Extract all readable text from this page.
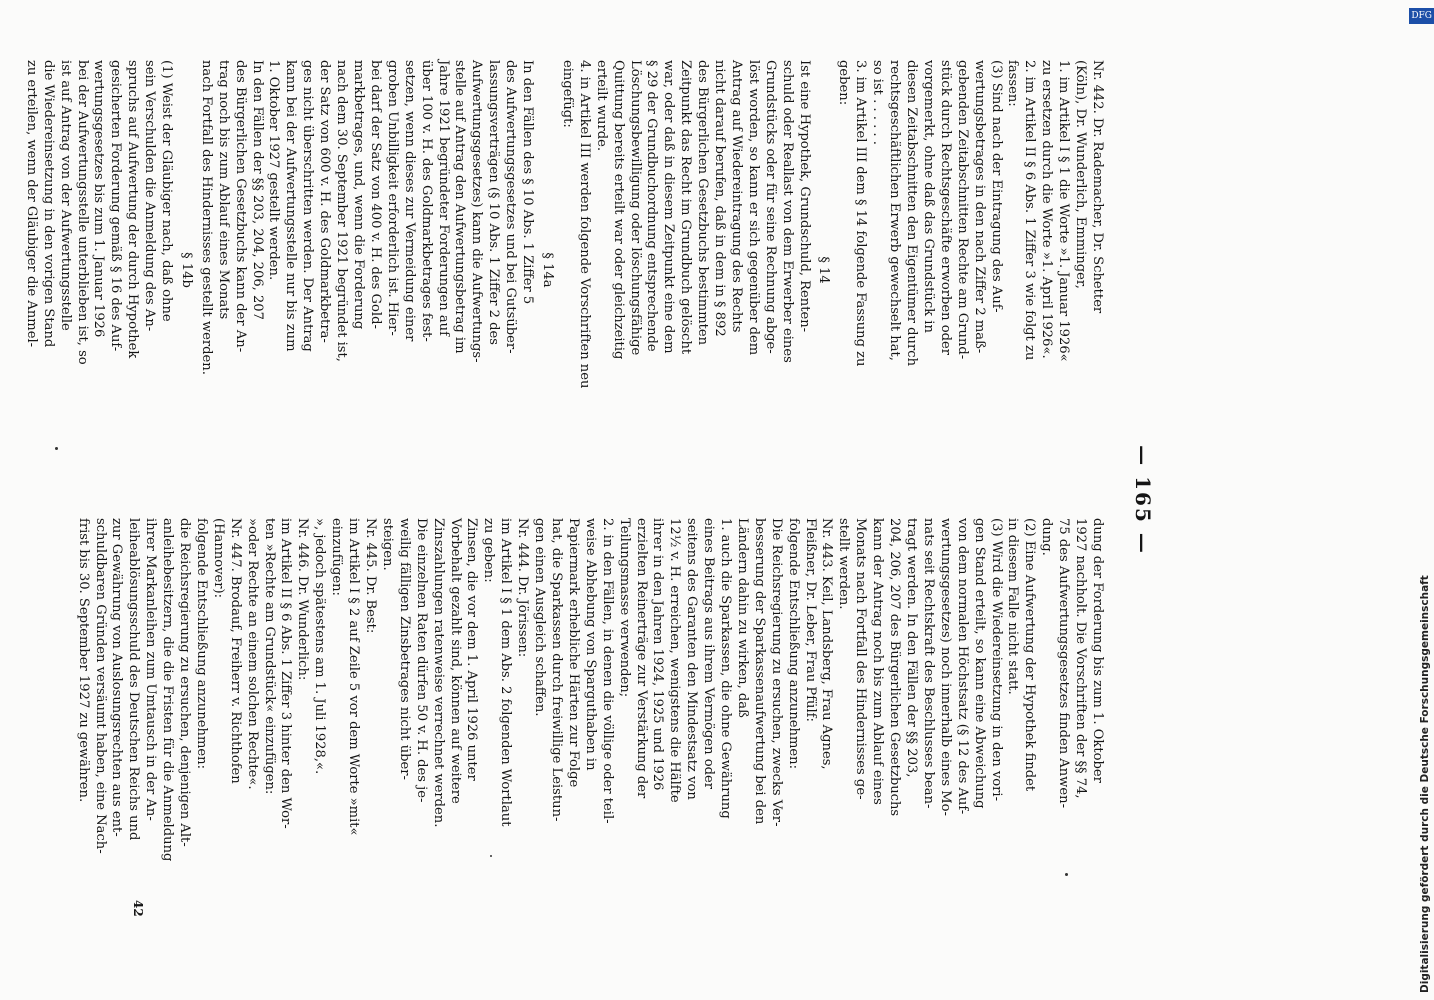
— 165 —
Nr. 442. Dr. Rademacher, Dr. Schetter
(Köln), Dr. Wunderlich, Emminger,
1. im Artikel I § 1 die Worte »1. Januar 1926«
zu ersetzen durch die Worte »1. April 1926«.
2. im Artikel II § 6 Abs. 1 Ziffer 3 wie folgt zu
fassen:
(3) Sind nach der Eintragung des Auf-
wertungsbetrages in den nach Ziffer 2 maß-
gebenden Zeitabschnitten Rechte am Grund-
stück durch Rechtsgeschäfte erworben oder
vorgemerkt, ohne daß das Grundstück in
diesen Zeitabschnitten den Eigentümer durch
rechtsgeschäftlichen Erwerb gewechselt hat,
so ist . . . . . .
3. im Artikel III dem § 14 folgende Fassung zu
geben:
§ 14
Ist eine Hypothek, Grundschuld, Renten-
schuld oder Reallast von dem Erwerber eines
Grundstücks oder für seine Rechnung abge-
löst worden, so kann er sich gegenüber dem
Antrag auf Wiedereintragung des Rechts
nicht darauf berufen, daß in dem in § 892
des Bürgerlichen Gesetzbuchs bestimmten
Zeitpunkt das Recht im Grundbuch gelöscht
war, oder daß in diesem Zeitpunkt eine dem
§ 29 der Grundbuchordnung entsprechende
Löschungsbewilligung oder löschungsfähige
Quittung bereits erteilt war oder gleichzeitig
erteilt wurde.
4. in Artikel III werden folgende Vorschriften neu
eingefügt:
§ 14a
In den Fällen des § 10 Abs. 1 Ziffer 5
des Aufwertungsgesetzes und bei Gutsüber-
lassungsverträgen (§ 10 Abs. 1 Ziffer 2 des
Aufwertungsgesetzes) kann die Aufwertungs-
stelle auf Antrag den Aufwertungsbetrag im
Jahre 1921 begründeter Forderungen auf
über 100 v. H. des Goldmarkbetrages fest-
setzen, wenn dieses zur Vermeidung einer
groben Unbilligkeit erforderlich ist. Hier-
bei darf der Satz von 400 v. H. des Gold-
markbetrages, und, wenn die Forderung
nach dem 30. September 1921 begründet ist,
der Satz von 600 v. H. des Goldmarkbetra-
ges nicht überschritten werden. Der Antrag
kann bei der Aufwertungsstelle nur bis zum
1. Oktober 1927 gestellt werden.
In den Fällen der §§ 203, 204, 206, 207
des Bürgerlichen Gesetzbuchs kann der An-
trag noch bis zum Ablauf eines Monats
nach Fortfall des Hindernisses gestellt werden.
§ 14b
(1) Weist der Gläubiger nach, daß ohne
sein Verschulden die Anmeldung des An-
spruchs auf Aufwertung der durch Hypothek
gesicherten Forderung gemäß § 16 des Auf-
wertungsgesetzes bis zum 1. Januar 1926
bei der Aufwertungsstelle unterblieben ist, so
ist auf Antrag von der Aufwertungsstelle
die Wiedereinsetzung in den vorigen Stand
zu erteilen, wenn der Gläubiger die Anmel-
dung der Forderung bis zum 1. Oktober
1927 nachholt. Die Vorschriften der §§ 74,
75 des Aufwertungsgesetzes finden Anwen-
dung.
(2) Eine Aufwertung der Hypothek findet
in diesem Falle nicht statt.
(3) Wird die Wiedereinsetzung in den vori-
gen Stand erteilt, so kann eine Abweichung
von dem normalen Höchstsatz (§ 12 des Auf-
wertungsgesetzes) noch innerhalb eines Mo-
nats seit Rechtskraft des Beschlusses bean-
tragt werden. In den Fällen der §§ 203,
204, 206, 207 des Bürgerlichen Gesetzbuchs
kann der Antrag noch bis zum Ablauf eines
Monats nach Fortfall des Hindernisses ge-
stellt werden.
Nr. 443. Keil, Landsberg, Frau Agnes,
Fleißner, Dr. Leber, Frau Pfülf:
folgende Entschließung anzunehmen:
Die Reichsregierung zu ersuchen, zwecks Ver-
besserung der Sparkassenaufwertung bei den
Ländern dahin zu wirken, daß
1. auch die Sparkassen, die ohne Gewährung
eines Beitrags aus ihrem Vermögen oder
seitens des Garanten den Mindestsatz von
12½ v. H. erreichen, wenigstens die Hälfte
ihrer in den Jahren 1924, 1925 und 1926
erzielten Reinerträge zur Verstärkung der
Teilungsmasse verwenden;
2. in den Fällen, in denen die völlige oder teil-
weise Abhebung von Sparguthaben in
Papiermark erhebliche Härten zur Folge
hat, die Sparkassen durch freiwillige Leistun-
gen einen Ausgleich schaffen.
Nr. 444. Dr. Jörissen:
im Artikel I § 1 dem Abs. 2 folgenden Wortlaut
zu geben:
Zinsen, die vor dem 1. April 1926 unter
Vorbehalt gezahlt sind, können auf weitere
Zinszahlungen ratenweise verrechnet werden.
Die einzelnen Raten dürfen 50 v. H. des je-
weilig fälligen Zinsbetrages nicht über-
steigen.
Nr. 445. Dr. Best:
im Artikel I § 2 auf Zeile 5 vor dem Worte »mit«
einzufügen:
», jedoch spätestens am 1. Juli 1928,«.
Nr. 446. Dr. Wunderlich:
im Artikel II § 6 Abs. 1 Ziffer 3 hinter den Wor-
ten »Rechte am Grundstück« einzufügen:
»oder Rechte an einem solchen Rechte«.
Nr. 447. Brodauf, Freiherr v. Richthofen
(Hannover):
folgende Entschließung anzunehmen:
die Reichsregierung zu ersuchen, denjenigen Alt-
anleihebesitzern, die die Fristen für die Anmeldung
ihrer Markanleihen zum Umtausch in der An-
leiheablösungsschuld des Deutschen Reichs und
zur Gewährung von Auslosungsrechten aus ent-
schuldbaren Gründen versäumt haben, eine Nach-
frist bis 30. September 1927 zu gewähren.
42
DFG
Digitalisierung gefördert durch die Deutsche Forschungsgemeinschaft
